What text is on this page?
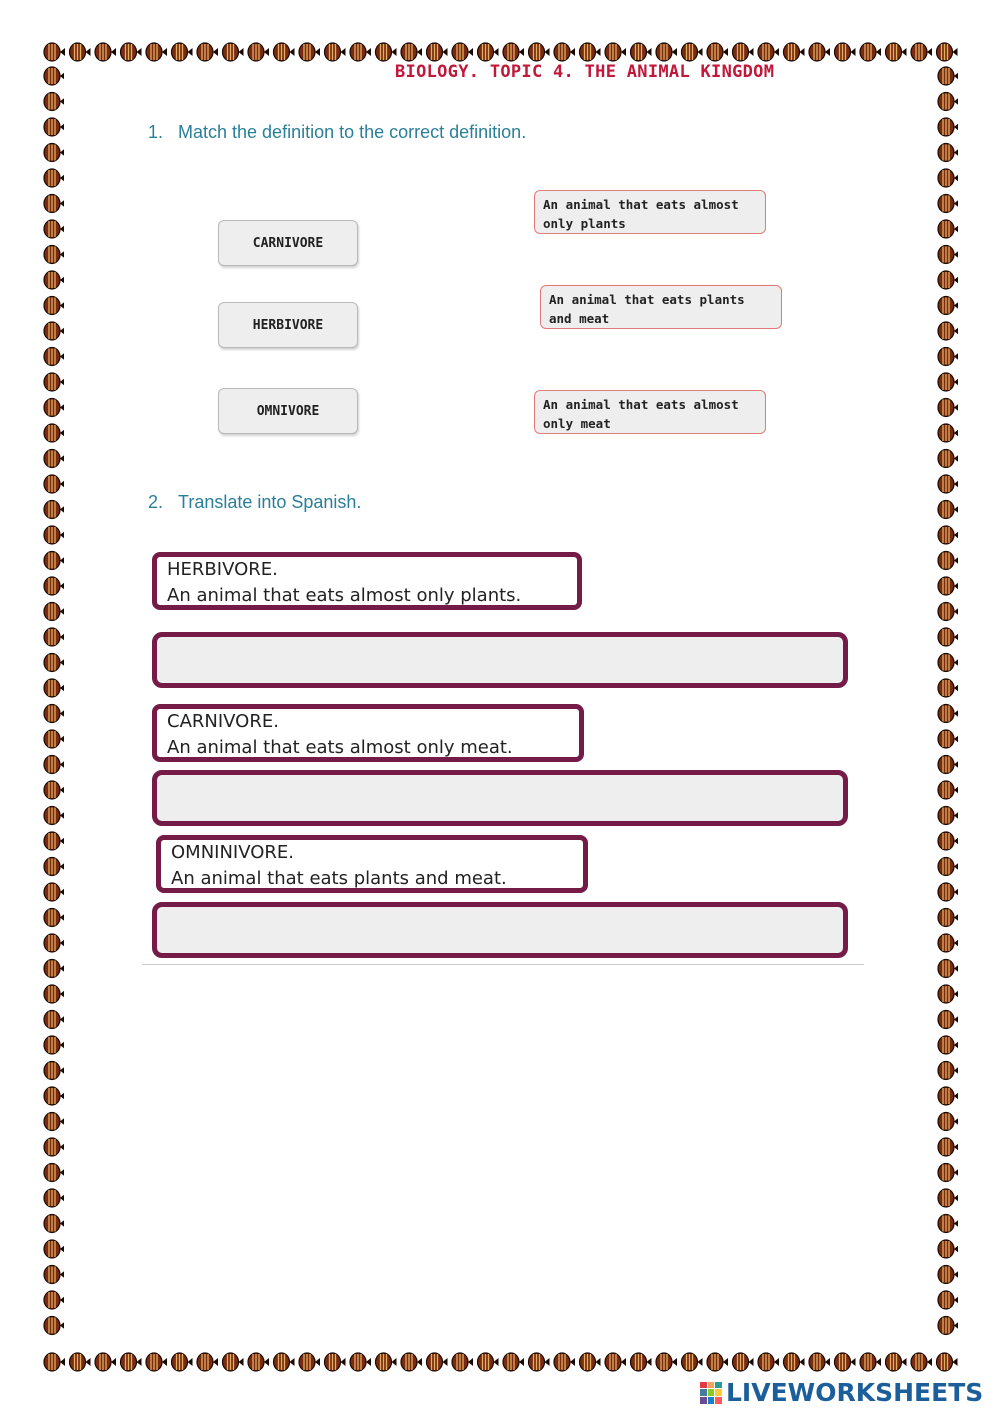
BIOLOGY. TOPIC 4. THE ANIMAL KINGDOM
1. Match the definition to the correct definition.
CARNIVORE
HERBIVORE
OMNIVORE
An animal that eats almost only plants
An animal that eats plants and meat
An animal that eats almost only meat
2. Translate into Spanish.
HERBIVORE.
An animal that eats almost only plants.
CARNIVORE.
An animal that eats almost only meat.
OMNINIVORE.
An animal that eats plants and meat.
LIVEWORKSHEETS
